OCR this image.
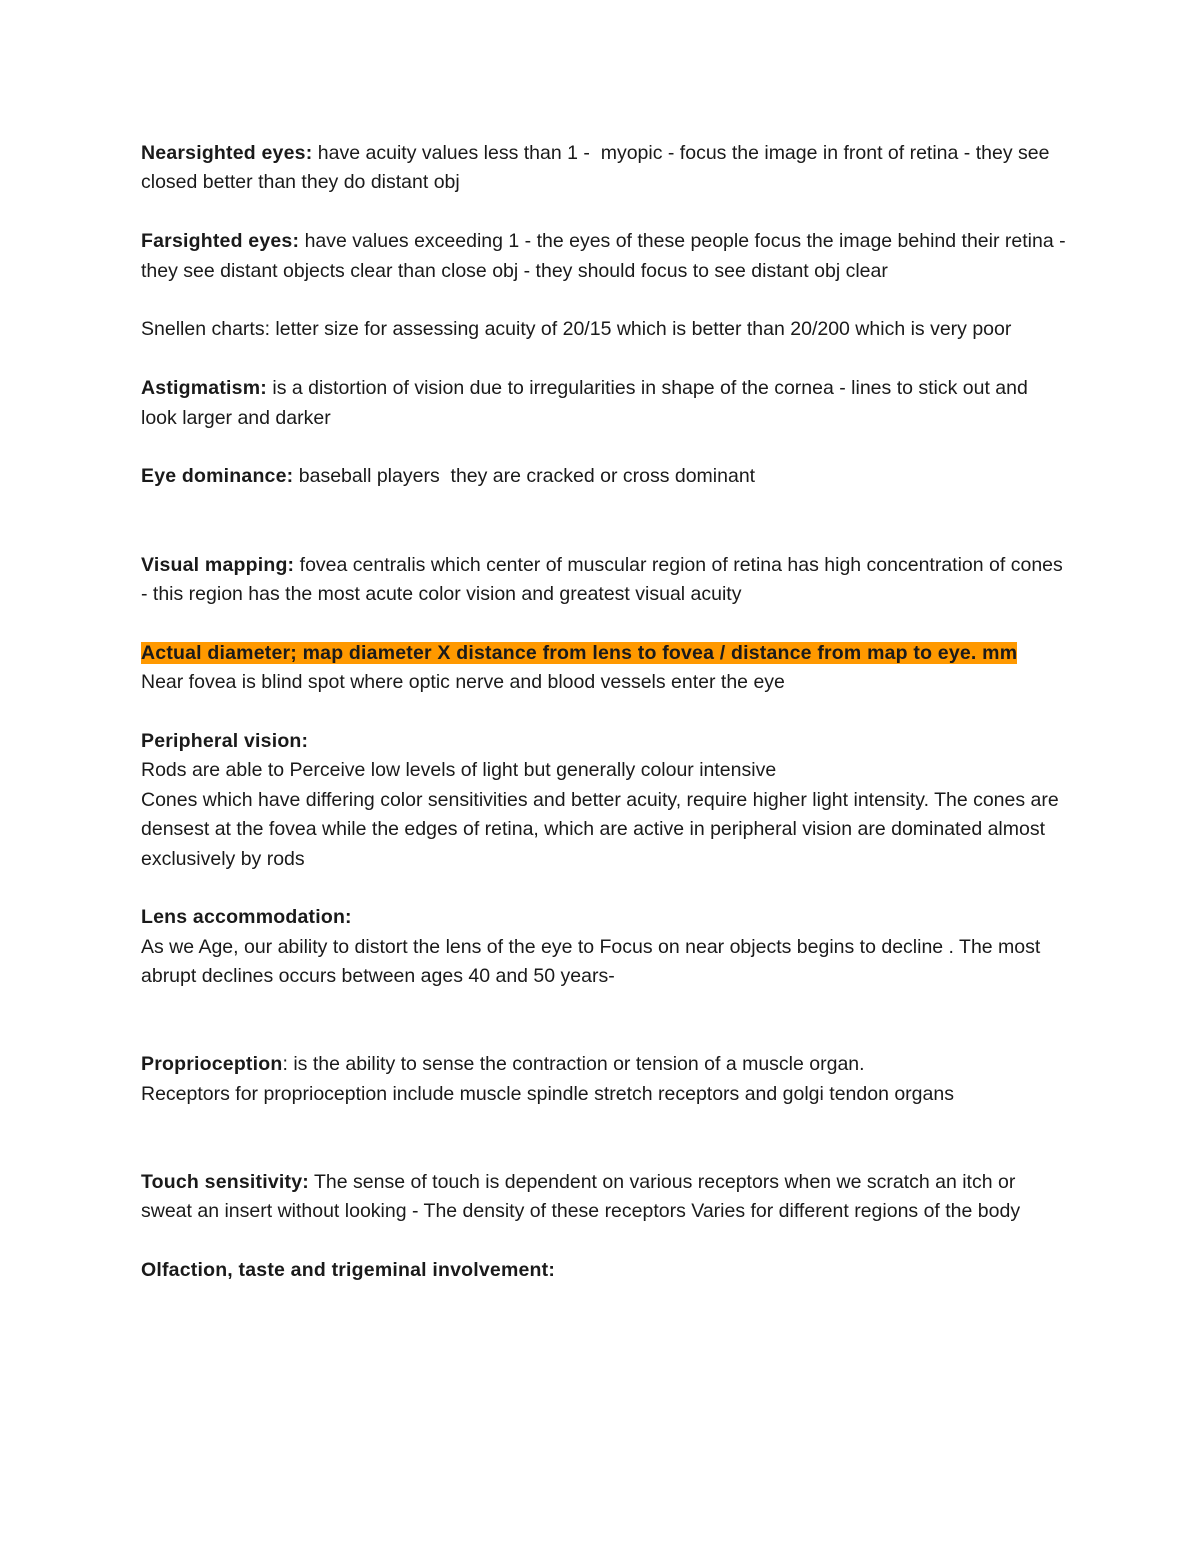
Nearsighted eyes: have acuity values less than 1 -  myopic - focus the image in front of retina - they see closed better than they do distant obj

Farsighted eyes: have values exceeding 1 - the eyes of these people focus the image behind their retina - they see distant objects clear than close obj - they should focus to see distant obj clear

Snellen charts: letter size for assessing acuity of 20/15 which is better than 20/200 which is very poor

Astigmatism: is a distortion of vision due to irregularities in shape of the cornea - lines to stick out and look larger and darker

Eye dominance: baseball players  they are cracked or cross dominant

Visual mapping: fovea centralis which center of muscular region of retina has high concentration of cones - this region has the most acute color vision and greatest visual acuity

Actual diameter; map diameter X distance from lens to fovea / distance from map to eye. mm
Near fovea is blind spot where optic nerve and blood vessels enter the eye

Peripheral vision:
Rods are able to Perceive low levels of light but generally colour intensive
Cones which have differing color sensitivities and better acuity, require higher light intensity. The cones are densest at the fovea while the edges of retina, which are active in peripheral vision are dominated almost exclusively by rods

Lens accommodation:
As we Age, our ability to distort the lens of the eye to Focus on near objects begins to decline . The most abrupt declines occurs between ages 40 and 50 years-

Proprioception: is the ability to sense the contraction or tension of a muscle organ.
Receptors for proprioception include muscle spindle stretch receptors and golgi tendon organs

Touch sensitivity: The sense of touch is dependent on various receptors when we scratch an itch or sweat an insert without looking - The density of these receptors Varies for different regions of the body

Olfaction, taste and trigeminal involvement:
